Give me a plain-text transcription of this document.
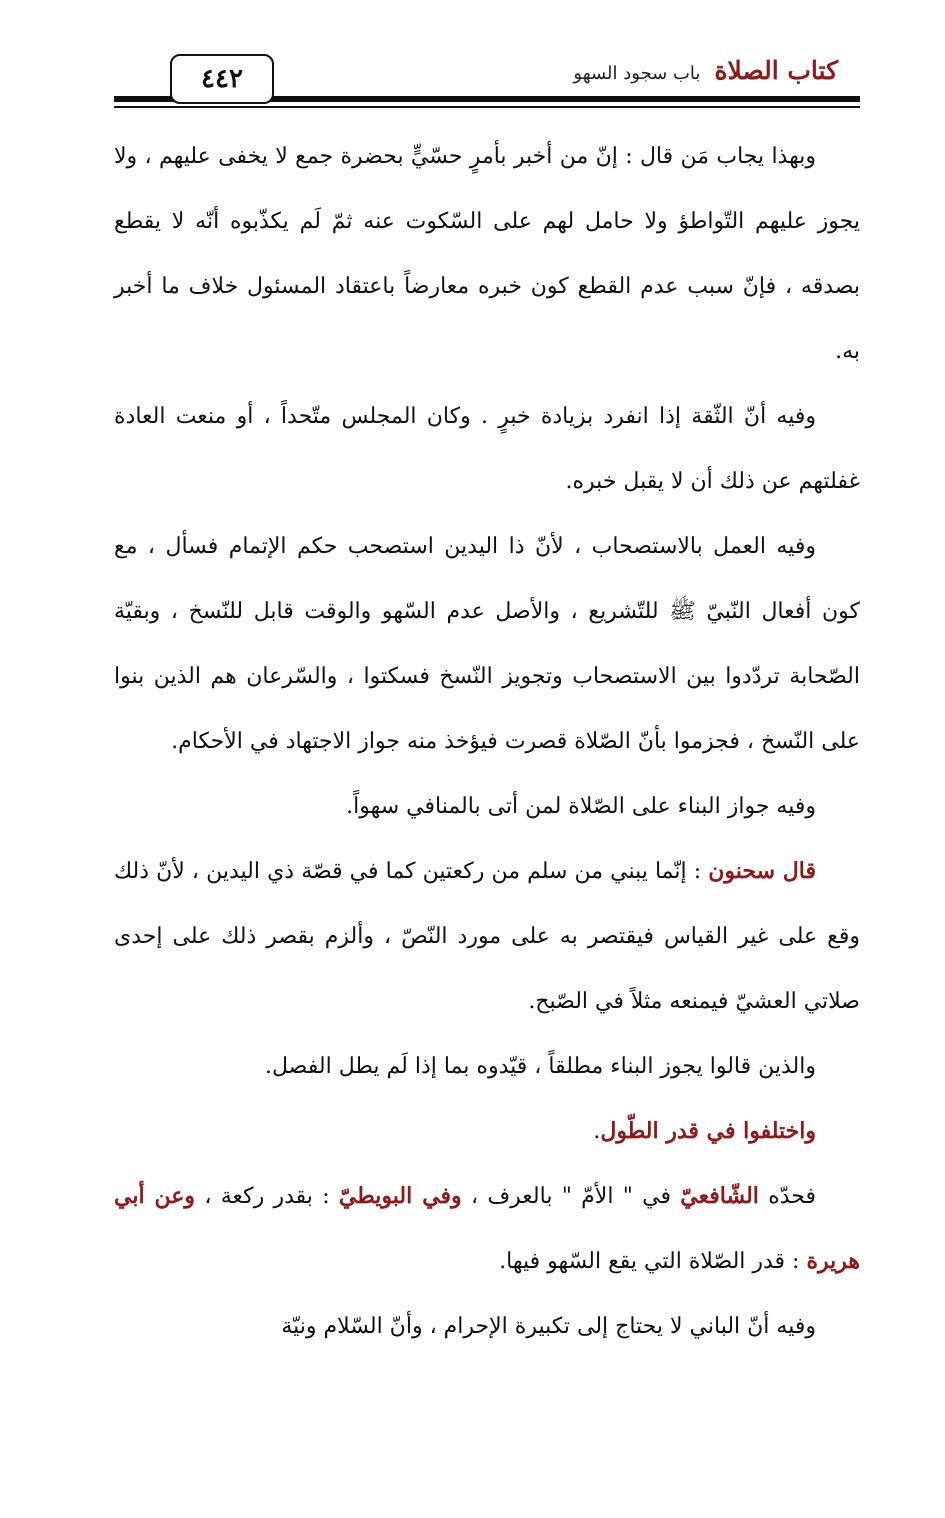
٤٤٢	كتاب الصلاة
باب سجود السهو

وبهذا يجاب مَن قال : إنّ من أخبر بأمرٍ حسّيٍّ بحضرة جمع لا يخفى عليهم ، ولا يجوز عليهم التّواطؤ ولا حامل لهم على السّكوت عنه ثمّ لَم يكذّبوه أنّه لا يقطع بصدقه ، فإنّ سبب عدم القطع كون خبره معارضاً باعتقاد المسئول خلاف ما أخبر به.

وفيه أنّ الثّقة إذا انفرد بزيادة خبرٍ . وكان المجلس متّحداً ، أو منعت العادة غفلتهم عن ذلك أن لا يقبل خبره.

وفيه العمل بالاستصحاب ، لأنّ ذا اليدين استصحب حكم الإتمام فسأل ، مع كون أفعال النّبيّ ﷺ للتّشريع ، والأصل عدم السّهو والوقت قابل للنّسخ ، وبقيّة الصّحابة تردّدوا بين الاستصحاب وتجويز النّسخ فسكتوا ، والسّرعان هم الذين بنوا على النّسخ ، فجزموا بأنّ الصّلاة قصرت فيؤخذ منه جواز الاجتهاد في الأحكام.

وفيه جواز البناء على الصّلاة لمن أتى بالمنافي سهواً.

قال سحنون : إنّما يبني من سلم من ركعتين كما في قصّة ذي اليدين ، لأنّ ذلك وقع على غير القياس فيقتصر به على مورد النّصّ ، وألزم بقصر ذلك على إحدى صلاتي العشيّ فيمنعه مثلاً في الصّبح.

والذين قالوا يجوز البناء مطلقاً ، قيّدوه بما إذا لَم يطل الفصل.

واختلفوا في قدر الطّول.

فحدّه الشّافعيّ في " الأمّ " بالعرف ، وفي البويطيّ : بقدر ركعة ، وعن أبي هريرة : قدر الصّلاة التي يقع السّهو فيها.

وفيه أنّ الباني لا يحتاج إلى تكبيرة الإحرام ، وأنّ السّلام ونيّة
